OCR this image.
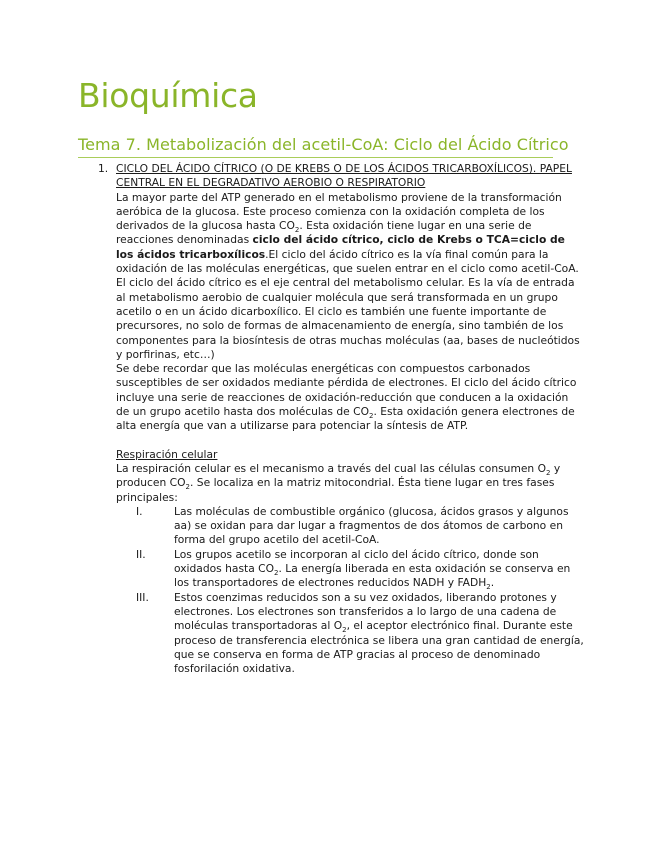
Bioquímica
Tema 7. Metabolización del acetil-CoA: Ciclo del Ácido Cítrico
1. CICLO DEL ÁCIDO CÍTRICO (O DE KREBS O DE LOS ÁCIDOS TRICARBOXÍLICOS). PAPEL CENTRAL EN EL DEGRADATIVO AEROBIO O RESPIRATORIO

La mayor parte del ATP generado en el metabolismo proviene de la transformación aeróbica de la glucosa. Este proceso comienza con la oxidación completa de los derivados de la glucosa hasta $CO_2$. Esta oxidación tiene lugar en una serie de reacciones denominadas ciclo del ácido cítrico, ciclo de Krebs o TCA=ciclo de los ácidos tricarboxílicos.El ciclo del ácido cítrico es la vía final común para la oxidación de las moléculas energéticas, que suelen entrar en el ciclo como acetil-CoA.

El ciclo del ácido cítrico es el eje central del metabolismo celular. Es la vía de entrada al metabolismo aerobio de cualquier molécula que será transformada en un grupo acetilo o en un ácido dicarboxílico. El ciclo es también une fuente importante de precursores, no solo de formas de almacenamiento de energía, sino también de los componentes para la biosíntesis de otras muchas moléculas (aa, bases de nucleótidos y porfirinas, etc…)

Se debe recordar que las moléculas energéticas con compuestos carbonados susceptibles de ser oxidados mediante pérdida de electrones. El ciclo del ácido cítrico incluye una serie de reacciones de oxidación-reducción que conducen a la oxidación de un grupo acetilo hasta dos moléculas de $CO_2$. Esta oxidación genera electrones de alta energía que van a utilizarse para potenciar la síntesis de ATP.

Respiración celular

La respiración celular es el mecanismo a través del cual las células consumen $O_2$ y producen $CO_2$. Se localiza en la matriz mitocondrial. Ésta tiene lugar en tres fases principales:

I.	Las moléculas de combustible orgánico (glucosa, ácidos grasos y algunos aa) se oxidan para dar lugar a fragmentos de dos átomos de carbono en forma del grupo acetilo del acetil-CoA.
II.	Los grupos acetilo se incorporan al ciclo del ácido cítrico, donde son oxidados hasta $CO_2$. La energía liberada en esta oxidación se conserva en los transportadores de electrones reducidos NADH y $FADH_2$.
III.	Estos coenzimas reducidos son a su vez oxidados, liberando protones y electrones. Los electrones son transferidos a lo largo de una cadena de moléculas transportadoras al $O_2$, el aceptor electrónico final. Durante este proceso de transferencia electrónica se libera una gran cantidad de energía, que se conserva en forma de ATP gracias al proceso de denominado fosforilación oxidativa.
